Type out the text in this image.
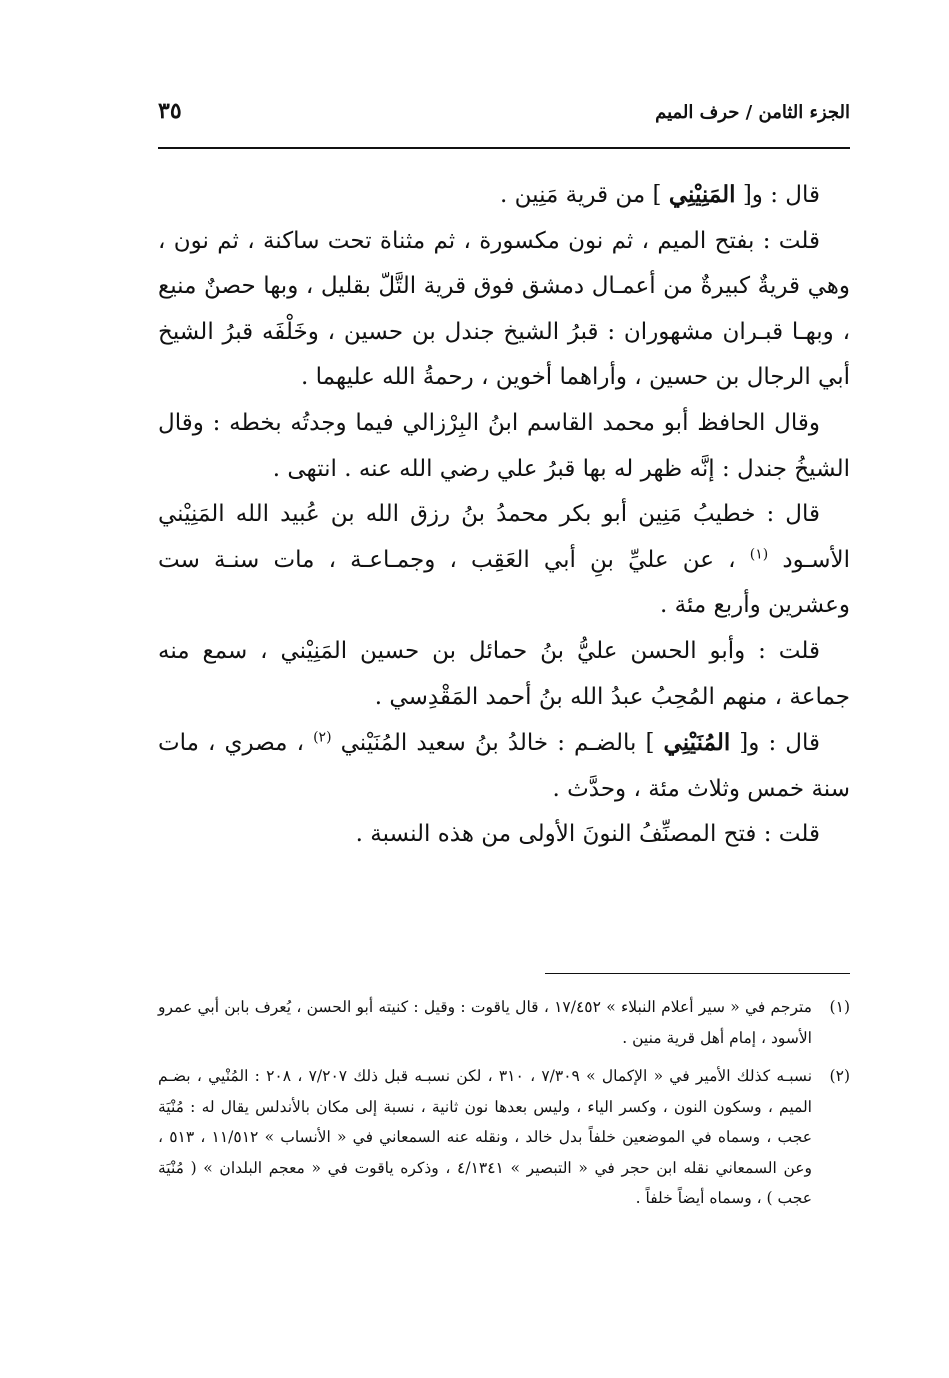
الجزء الثامن / حرف الميم
٣٥

قال : و[ المَنِيْنِي ] من قرية مَنِين .

قلت : بفتح الميم ، ثم نون مكسورة ، ثم مثناة تحت ساكنة ، ثم نون ، وهي قريةٌ كبيرةٌ من أعمـال دمشق فوق قرية التَّلّ بقليل ، وبها حصنٌ منيع ، وبهـا قبـران مشهوران : قبرُ الشيخ جندل بن حسين ، وخَلْفَه قبرُ الشيخ أبي الرجال بن حسين ، وأراهما أخوين ، رحمةُ الله عليهما .

وقال الحافظ أبو محمد القاسم ابنُ البِرْزالي فيما وجدتُه بخطه : وقال الشيخُ جندل : إنَّه ظهر له بها قبرُ علي رضي الله عنه . انتهى .

قال : خطيبُ مَنِين أبو بكر محمدُ بنُ رزق الله بن عُبيد الله المَنِيْني الأسـود $^{(١)}$ ، عن عليِّ بنِ أبي العَقِب ، وجمـاعـة ، مات سنـة ست وعشرين وأربع مئة .

قلت : وأبو الحسن عليُّ بنُ حمائل بن حسين المَنِيْني ، سمع منه جماعة ، منهم المُحِبُ عبدُ الله بنُ أحمد المَقْدِسي .

قال : و[ المُنَيْنِي ] بالضـم : خالدُ بنُ سعيد المُنَيْني $^{(٢)}$ ، مصري ، مات سنة خمس وثلاث مئة ، وحدَّث .

قلت : فتح المصنِّفُ النونَ الأولى من هذه النسبة .

(١)
مترجم في « سير أعلام النبلاء » ١٧/٤٥٢ ، قال ياقوت : وقيل : كنيته أبو الحسن ، يُعرف بابن أبي عمرو الأسود ، إمام أهل قرية منين .
(٢)
نسبـه كذلك الأمير في « الإكمال » ٧/٣٠٩ ، ٣١٠ ، لكن نسبـه قبل ذلك ٧/٢٠٧ ، ٢٠٨ : المُنْيي ، بضـم الميم ، وسكون النون ، وكسر الياء ، وليس بعدها نون ثانية ، نسبة إلى مكان بالأندلس يقال له : مُنْيَة عجب ، وسماه في الموضعين خلفاً بدل خالد ، ونقله عنه السمعاني في « الأنساب » ١١/٥١٢ ، ٥١٣ ، وعن السمعاني نقله ابن حجر في « التبصير » ٤/١٣٤١ ، وذكره ياقوت في « معجم البلدان » ( مُنْيَة عجب ) ، وسماه أيضاً خلفاً .
